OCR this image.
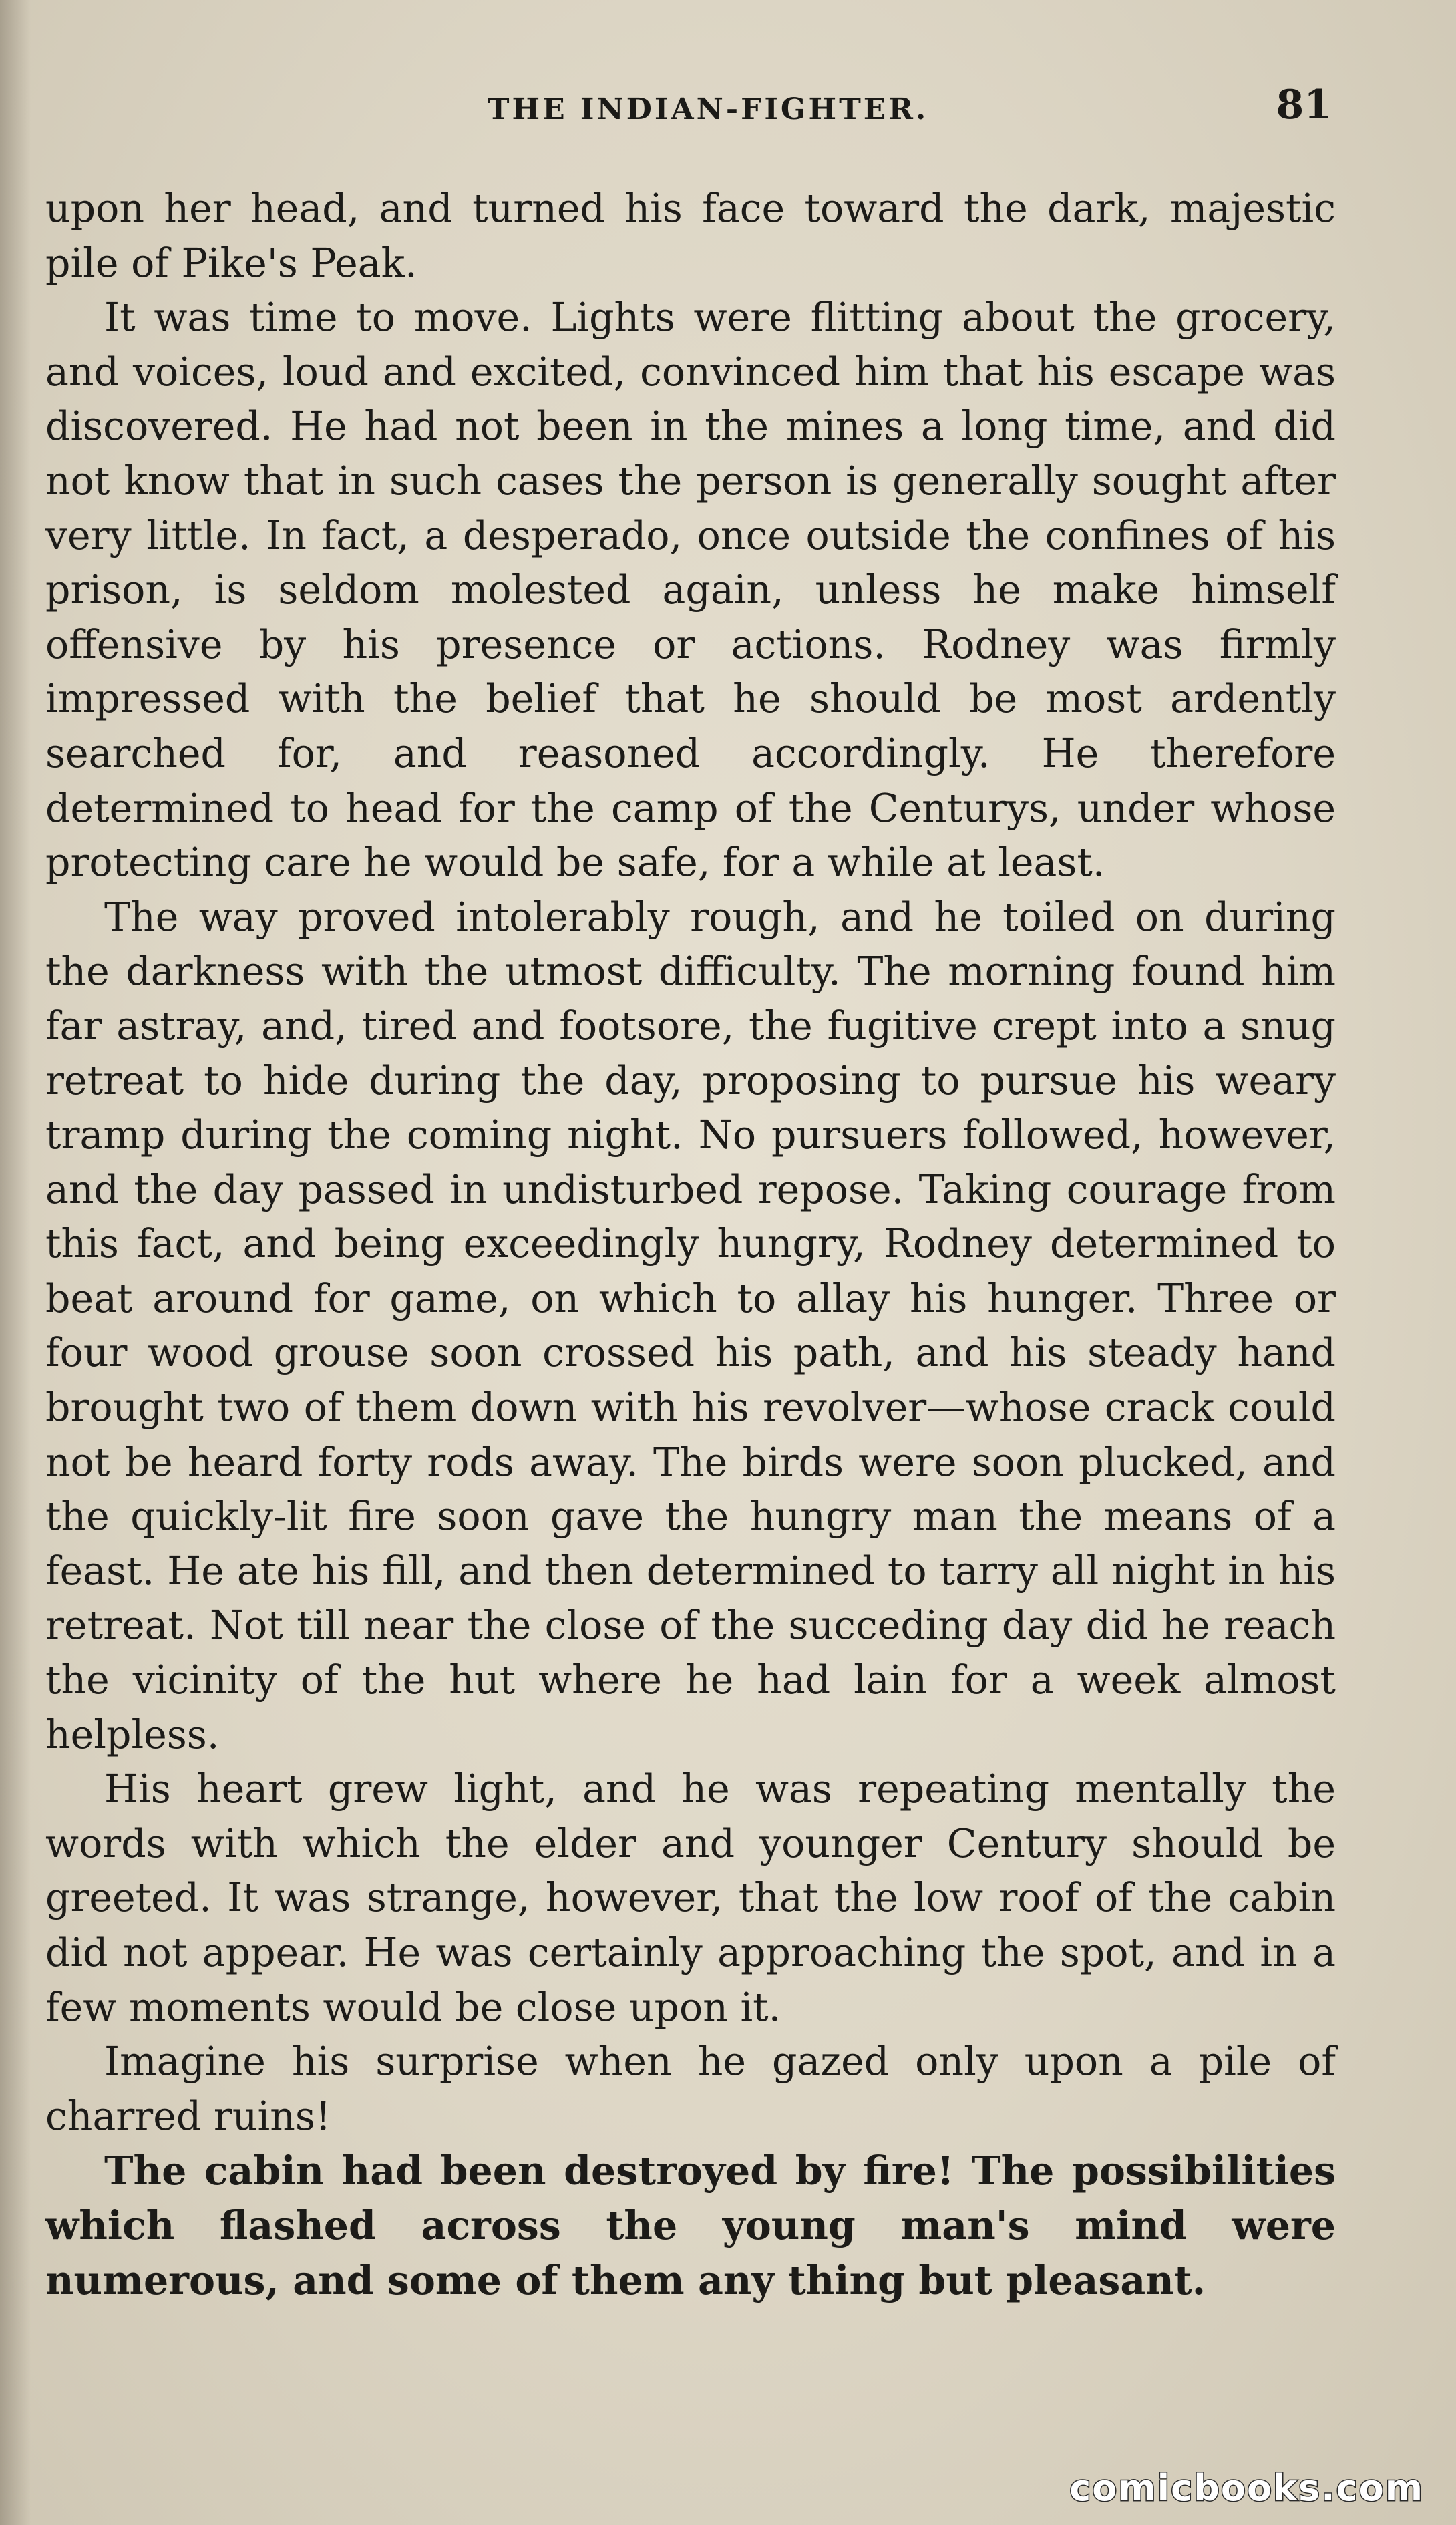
THE INDIAN-FIGHTER.	81

upon her head, and turned his face toward the dark, majestic pile of Pike's Peak.

It was time to move. Lights were flitting about the grocery, and voices, loud and excited, convinced him that his escape was discovered. He had not been in the mines a long time, and did not know that in such cases the person is generally sought after very little. In fact, a desperado, once outside the confines of his prison, is seldom molested again, unless he make himself offensive by his presence or actions. Rodney was firmly impressed with the belief that he should be most ardently searched for, and reasoned accordingly. He therefore determined to head for the camp of the Centurys, under whose protecting care he would be safe, for a while at least.

The way proved intolerably rough, and he toiled on during the darkness with the utmost difficulty. The morning found him far astray, and, tired and footsore, the fugitive crept into a snug retreat to hide during the day, proposing to pursue his weary tramp during the coming night. No pursuers followed, however, and the day passed in undisturbed repose. Taking courage from this fact, and being exceedingly hungry, Rodney determined to beat around for game, on which to allay his hunger. Three or four wood grouse soon crossed his path, and his steady hand brought two of them down with his revolver—whose crack could not be heard forty rods away. The birds were soon plucked, and the quickly-lit fire soon gave the hungry man the means of a feast. He ate his fill, and then determined to tarry all night in his retreat. Not till near the close of the succeding day did he reach the vicinity of the hut where he had lain for a week almost helpless.

His heart grew light, and he was repeating mentally the words with which the elder and younger Century should be greeted. It was strange, however, that the low roof of the cabin did not appear. He was certainly approaching the spot, and in a few moments would be close upon it.

Imagine his surprise when he gazed only upon a pile of charred ruins!

The cabin had been destroyed by fire! The possibilities which flashed across the young man's mind were numerous, and some of them any thing but pleasant.

comicbooks.com
